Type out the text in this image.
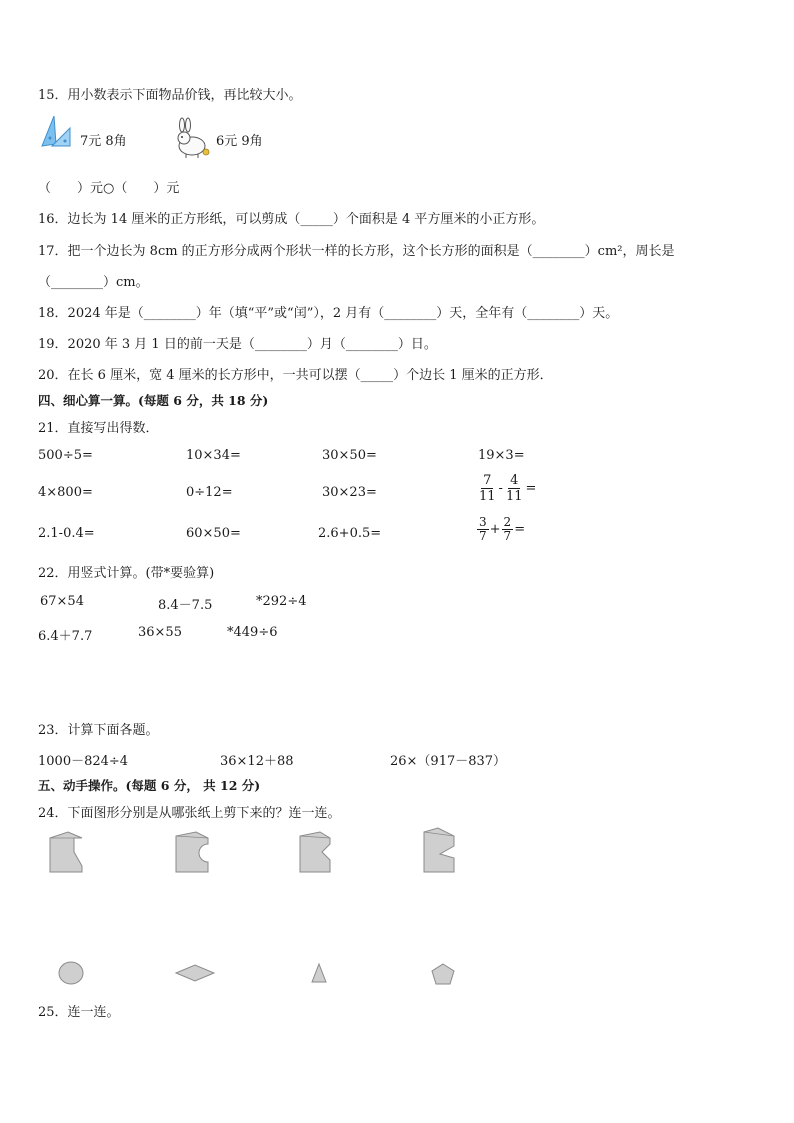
15．用小数表示下面物品价钱，再比较大小。
7元 8角	6元 9角
（　　）元○（　　）元
16．边长为 14 厘米的正方形纸，可以剪成（_____）个面积是 4 平方厘米的小正方形。
17．把一个边长为 8cm 的正方形分成两个形状一样的长方形，这个长方形的面积是（________）cm²，周长是
（________）cm。
18．2024 年是（________）年（填“平”或“闰”），2 月有（________）天，全年有（________）天。
19．2020 年 3 月 1 日的前一天是（________）月（________）日。
20．在长 6 厘米，宽 4 厘米的长方形中，一共可以摆（_____）个边长 1 厘米的正方形．
四、细心算一算。(每题 6 分，共 18 分)
21．直接写出得数．
500÷5=	10×34=	30×50=	19×3=
4×800=	0÷12=	30×23=	$\frac{7}{11} - \frac{4}{11}$ =
2.1-0.4=	60×50=	2.6+0.5=	$\frac{3}{7} + \frac{2}{7}$ =
22．用竖式计算。(带*要验算)
67×54	8.4－7.5	*292÷4
6.4＋7.7	36×55	*449÷6
23．计算下面各题。
1000－824÷4	36×12＋88	26×（917－837）
五、动手操作。(每题 6 分， 共 12 分)
24．下面图形分别是从哪张纸上剪下来的？连一连。
25．连一连。
